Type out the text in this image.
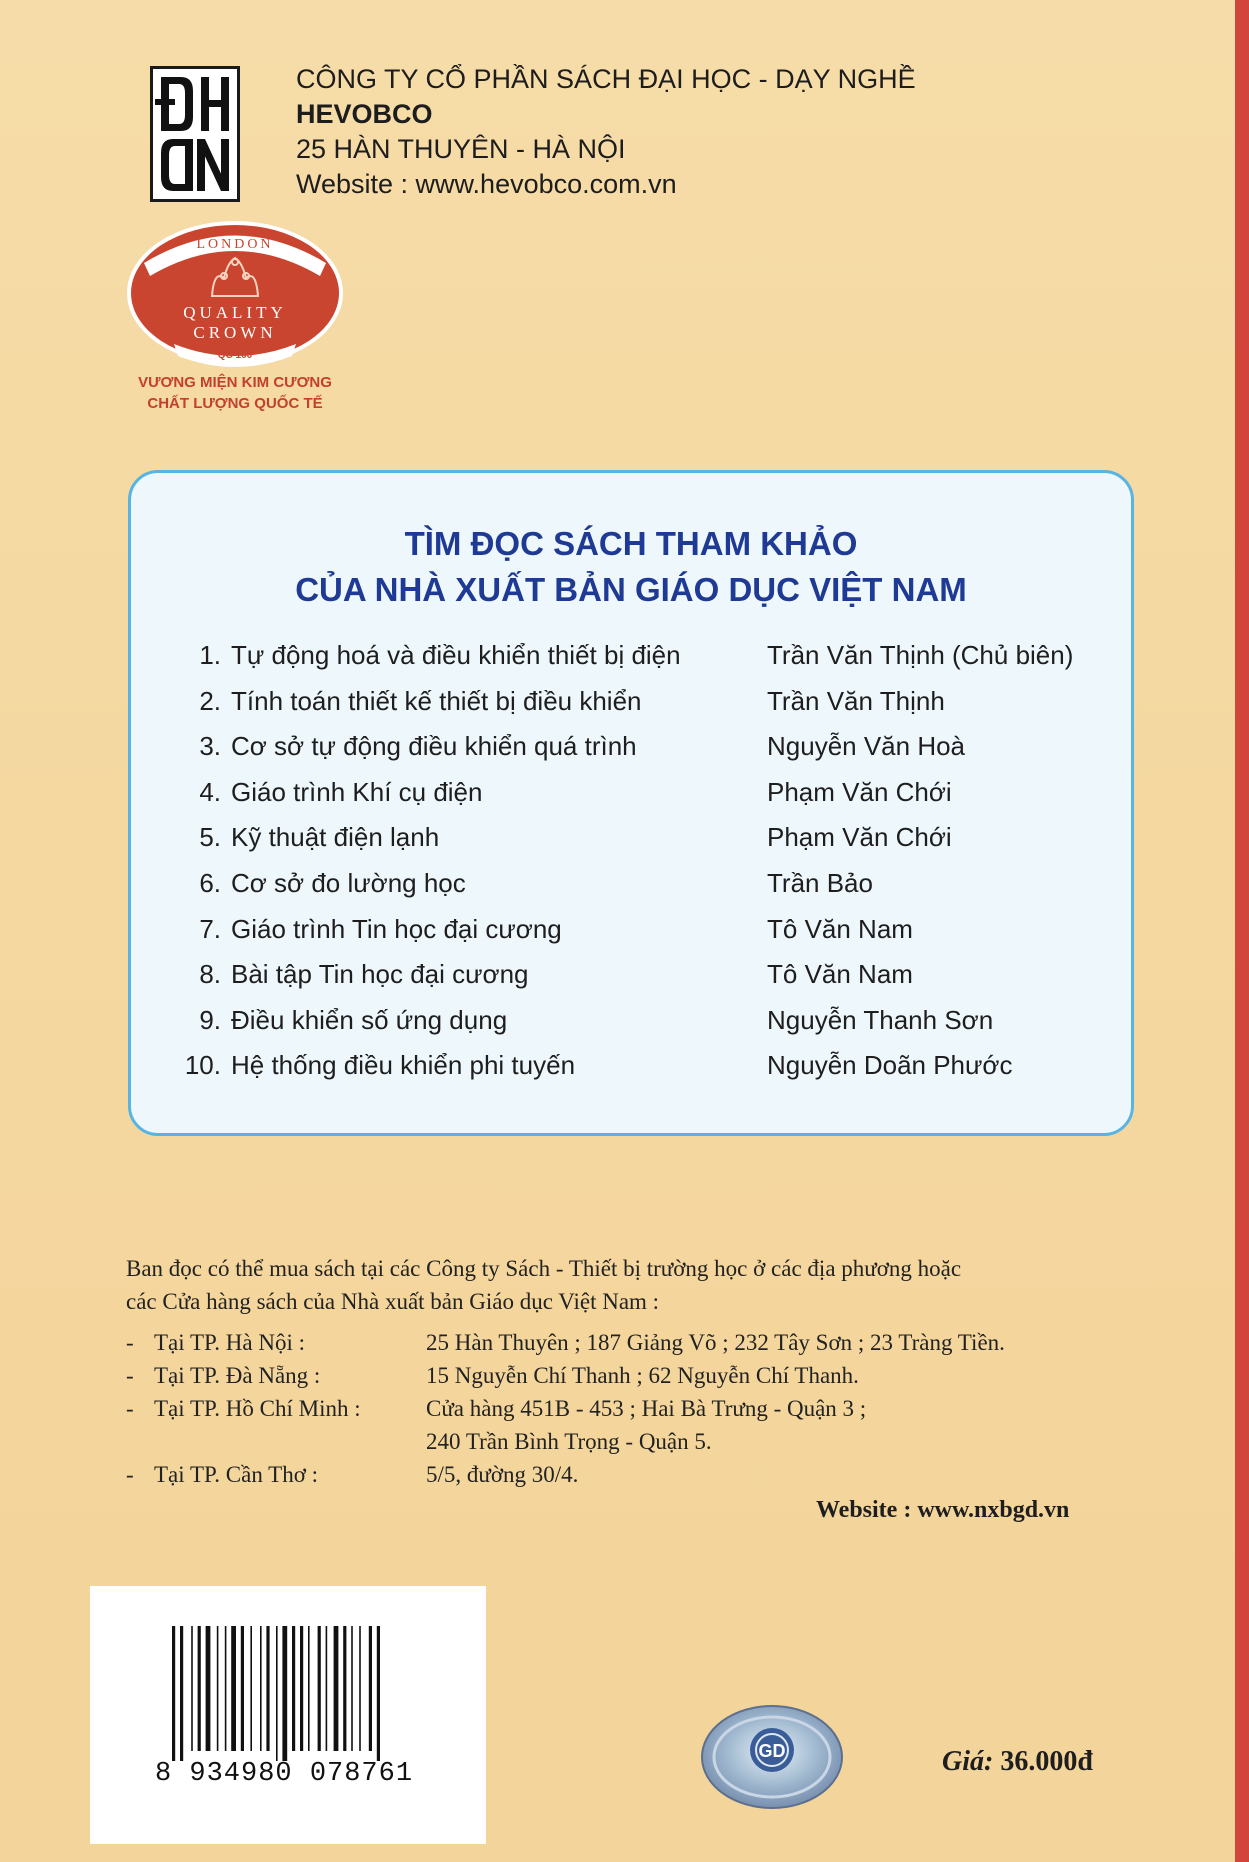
CÔNG TY CỔ PHẦN SÁCH ĐẠI HỌC - DẠY NGHỀ
HEVOBCO
25 HÀN THUYÊN - HÀ NỘI
Website : www.hevobco.com.vn
LONDON
QUALITY
CROWN
QC 100
VƯƠNG MIỆN KIM CƯƠNG
CHẤT LƯỢNG QUỐC TẾ
TÌM ĐỌC SÁCH THAM KHẢO
CỦA NHÀ XUẤT BẢN GIÁO DỤC VIỆT NAM
1. Tự động hoá và điều khiển thiết bị điện	Trần Văn Thịnh (Chủ biên)
2. Tính toán thiết kế thiết bị điều khiển	Trần Văn Thịnh
3. Cơ sở tự động điều khiển quá trình	Nguyễn Văn Hoà
4. Giáo trình Khí cụ điện	Phạm Văn Chới
5. Kỹ thuật điện lạnh	Phạm Văn Chới
6. Cơ sở đo lường học	Trần Bảo
7. Giáo trình Tin học đại cương	Tô Văn Nam
8. Bài tập Tin học đại cương	Tô Văn Nam
9. Điều khiển số ứng dụng	Nguyễn Thanh Sơn
10. Hệ thống điều khiển phi tuyến	Nguyễn Doãn Phước
Ban đọc có thể mua sách tại các Công ty Sách - Thiết bị trường học ở các địa phương hoặc
các Cửa hàng sách của Nhà xuất bản Giáo dục Việt Nam :
- Tại TP. Hà Nội :	25 Hàn Thuyên ; 187 Giảng Võ ; 232 Tây Sơn ; 23 Tràng Tiền.
- Tại TP. Đà Nẵng :	15 Nguyễn Chí Thanh ; 62 Nguyễn Chí Thanh.
- Tại TP. Hồ Chí Minh :	Cửa hàng 451B - 453 ; Hai Bà Trưng - Quận 3 ;
240 Trần Bình Trọng - Quận 5.
- Tại TP. Cần Thơ :	5/5, đường 30/4.
Website : www.nxbgd.vn
8 934980 078761
GD	Giá: 36.000đ
